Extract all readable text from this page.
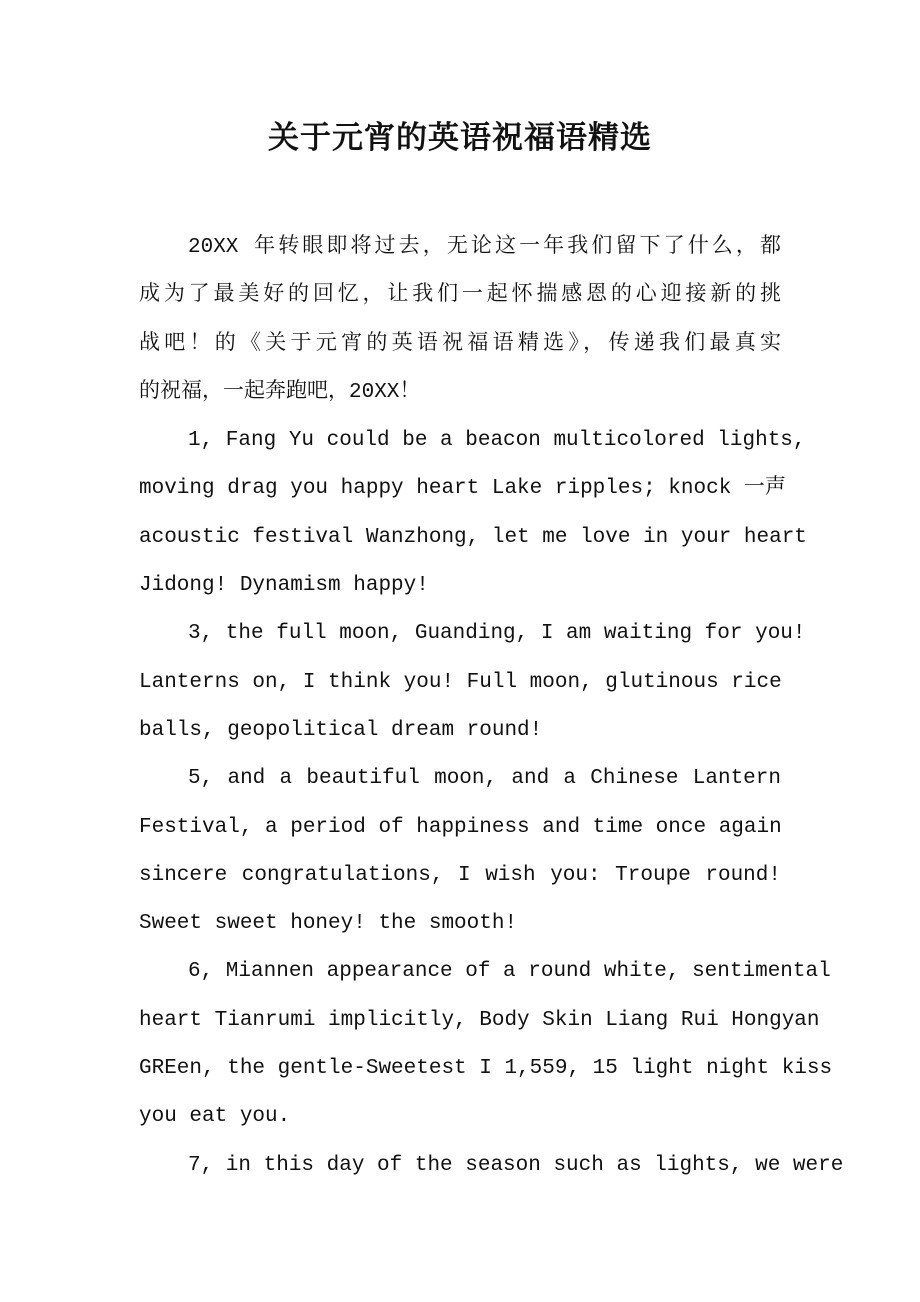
关于元宵的英语祝福语精选
20XX 年转眼即将过去，无论这一年我们留下了什么，都
成为了最美好的回忆，让我们一起怀揣感恩的心迎接新的挑
战吧！的《关于元宵的英语祝福语精选》，传递我们最真实
的祝福，一起奔跑吧，20XX！
1, Fang Yu could be a beacon multicolored lights,
moving drag you happy heart Lake ripples; knock 一声
acoustic festival Wanzhong, let me love in your heart
Jidong! Dynamism happy!
3, the full moon, Guanding, I am waiting for you!
Lanterns on, I think you! Full moon, glutinous rice
balls, geopolitical dream round!
5, and a beautiful moon, and a Chinese Lantern
Festival, a period of happiness and time once again
sincere congratulations, I wish you: Troupe round!
Sweet sweet honey! the smooth!
6, Miannen appearance of a round white, sentimental
heart Tianrumi implicitly, Body Skin Liang Rui Hongyan
GREen, the gentle-Sweetest I 1,559, 15 light night kiss
you eat you.
7, in this day of the season such as lights, we were
